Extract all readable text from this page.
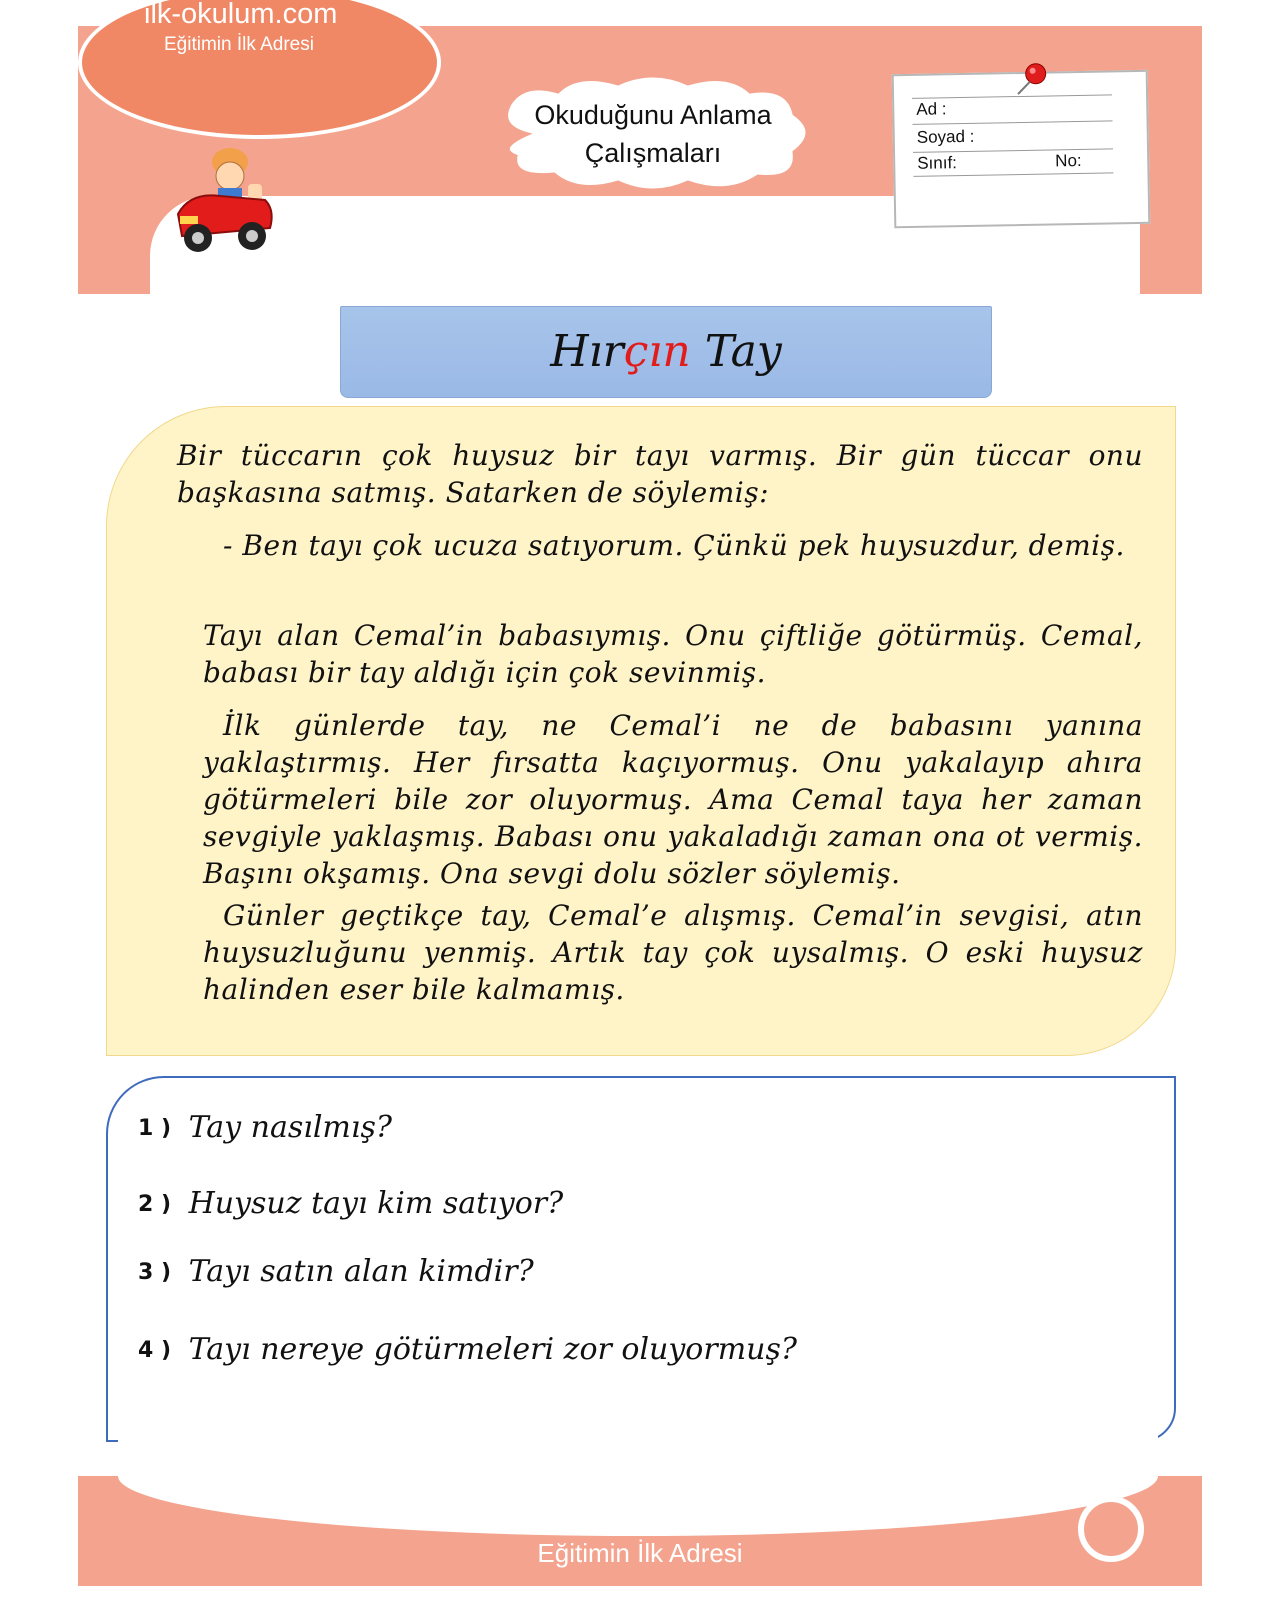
ilk-okulum.com
Eğitimin İlk Adresi
Okuduğunu Anlama
Çalışmaları
Ad :
Soyad :
Sınıf:	No:
Hırçın Tay

Bir tüccarın çok huysuz bir tayı varmış. Bir gün tüccar onu başkasına satmış. Satarken de söylemiş:

- Ben tayı çok ucuza satıyorum. Çünkü pek huysuzdur, demiş.

Tayı alan Cemal’in babasıymış. Onu çiftliğe götürmüş. Cemal, babası bir tay aldığı için çok sevinmiş.

İlk günlerde tay, ne Cemal’i ne de babasını yanına yaklaştırmış. Her fırsatta kaçıyormuş. Onu yakalayıp ahıra götürmeleri bile zor oluyormuş. Ama Cemal taya her zaman sevgiyle yaklaşmış. Babası onu yakaladığı zaman ona ot vermiş. Başını okşamış. Ona sevgi dolu sözler söylemiş.

Günler geçtikçe tay, Cemal’e alışmış. Cemal’in sevgisi, atın huysuzluğunu yenmiş. Artık tay çok uysalmış. O eski huysuz halinden eser bile kalmamış.

1 ) Tay nasılmış?
2 ) Huysuz tayı kim satıyor?
3 ) Tayı satın alan kimdir?
4 ) Tayı nereye götürmeleri zor oluyormuş?
ilk-okulum.com
Eğitimin İlk Adresi
